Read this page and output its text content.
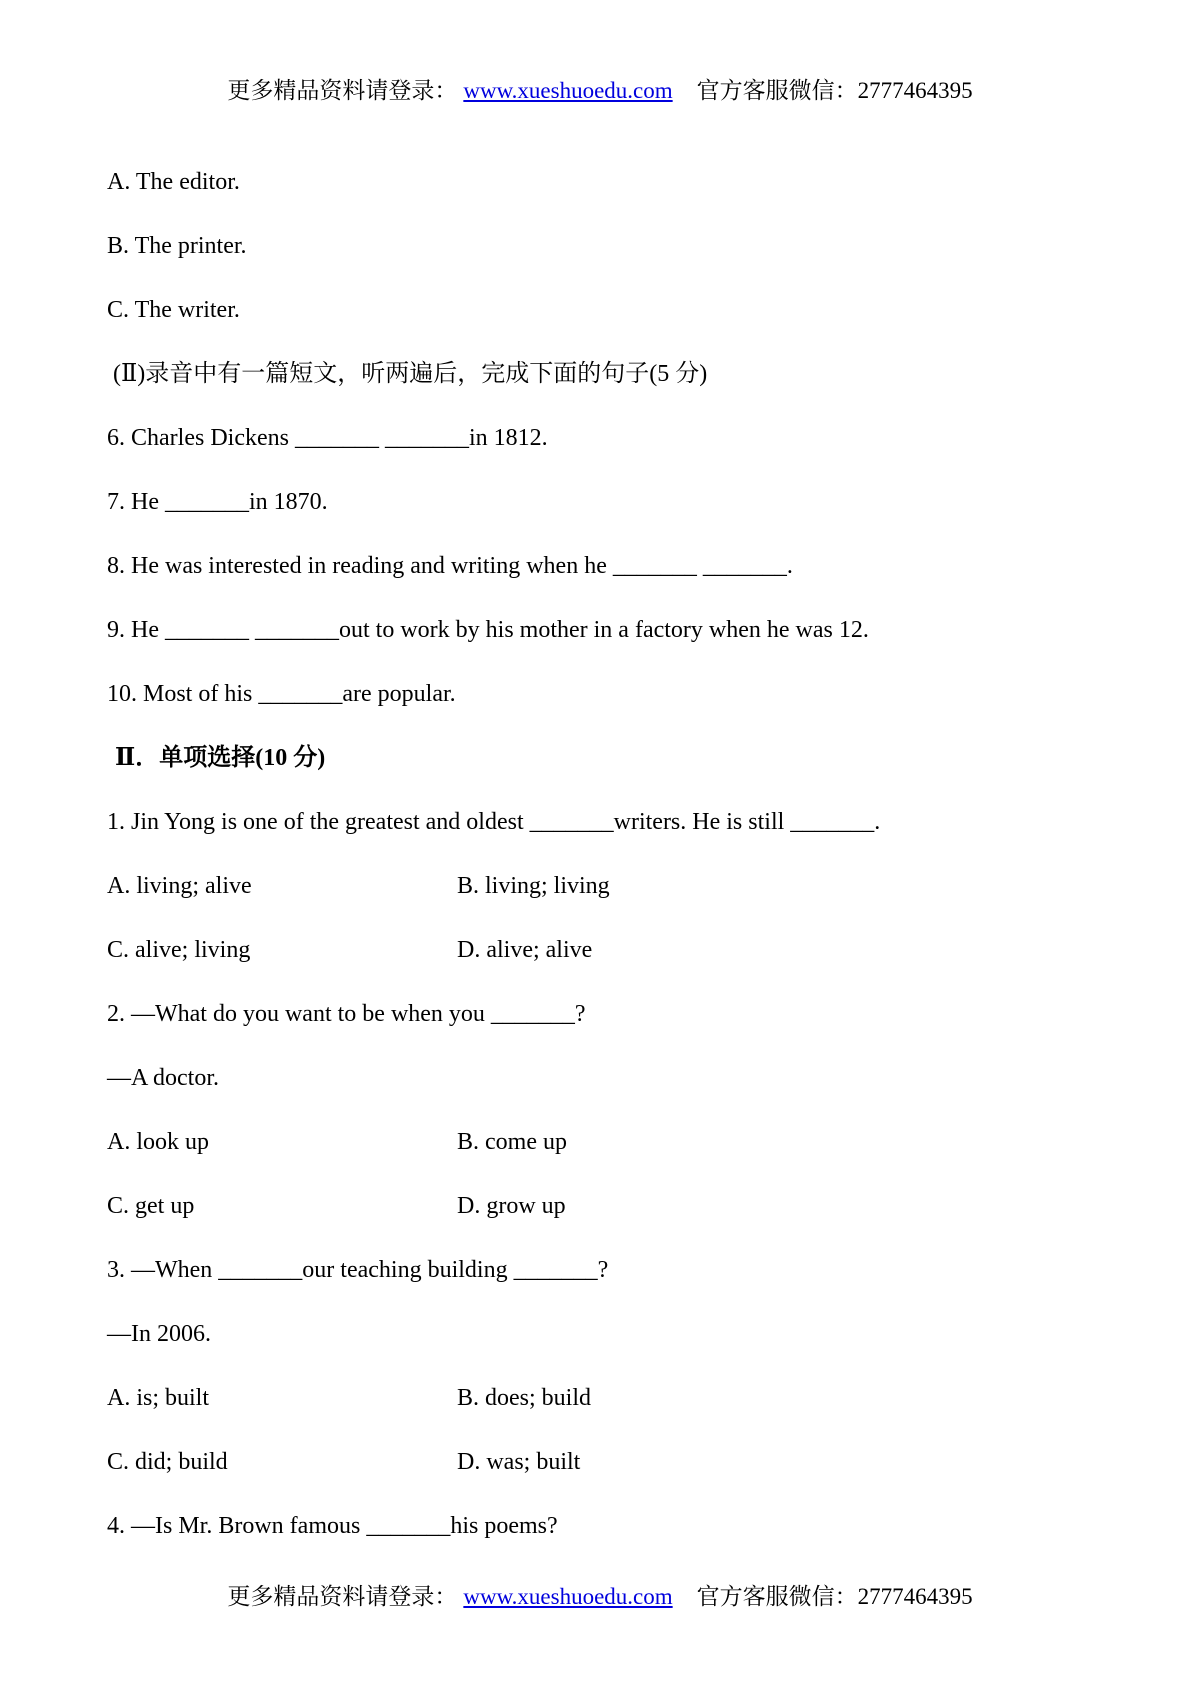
更多精品资料请登录： www.xueshuoedu.com 官方客服微信：2777464395
A. The editor.
B. The printer.
C. The writer.
(Ⅱ)录音中有一篇短文，听两遍后，完成下面的句子(5 分)
6. Charles Dickens _______ _______in 1812.
7. He _______in 1870.
8. He was interested in reading and writing when he _______ _______.
9. He _______ _______out to work by his mother in a factory when he was 12.
10. Most of his _______are popular.
Ⅱ．单项选择(10 分)
1. Jin Yong is one of the greatest and oldest _______writers. He is still _______.
A. living; alive	B. living; living
C. alive; living	D. alive; alive
2. —What do you want to be when you _______?
—A doctor.
A. look up	B. come up
C. get up	D. grow up
3. —When _______our teaching building _______?
—In 2006.
A. is; built	B. does; build
C. did; build	D. was; built
4. —Is Mr. Brown famous _______his poems?
更多精品资料请登录： www.xueshuoedu.com 官方客服微信：2777464395
